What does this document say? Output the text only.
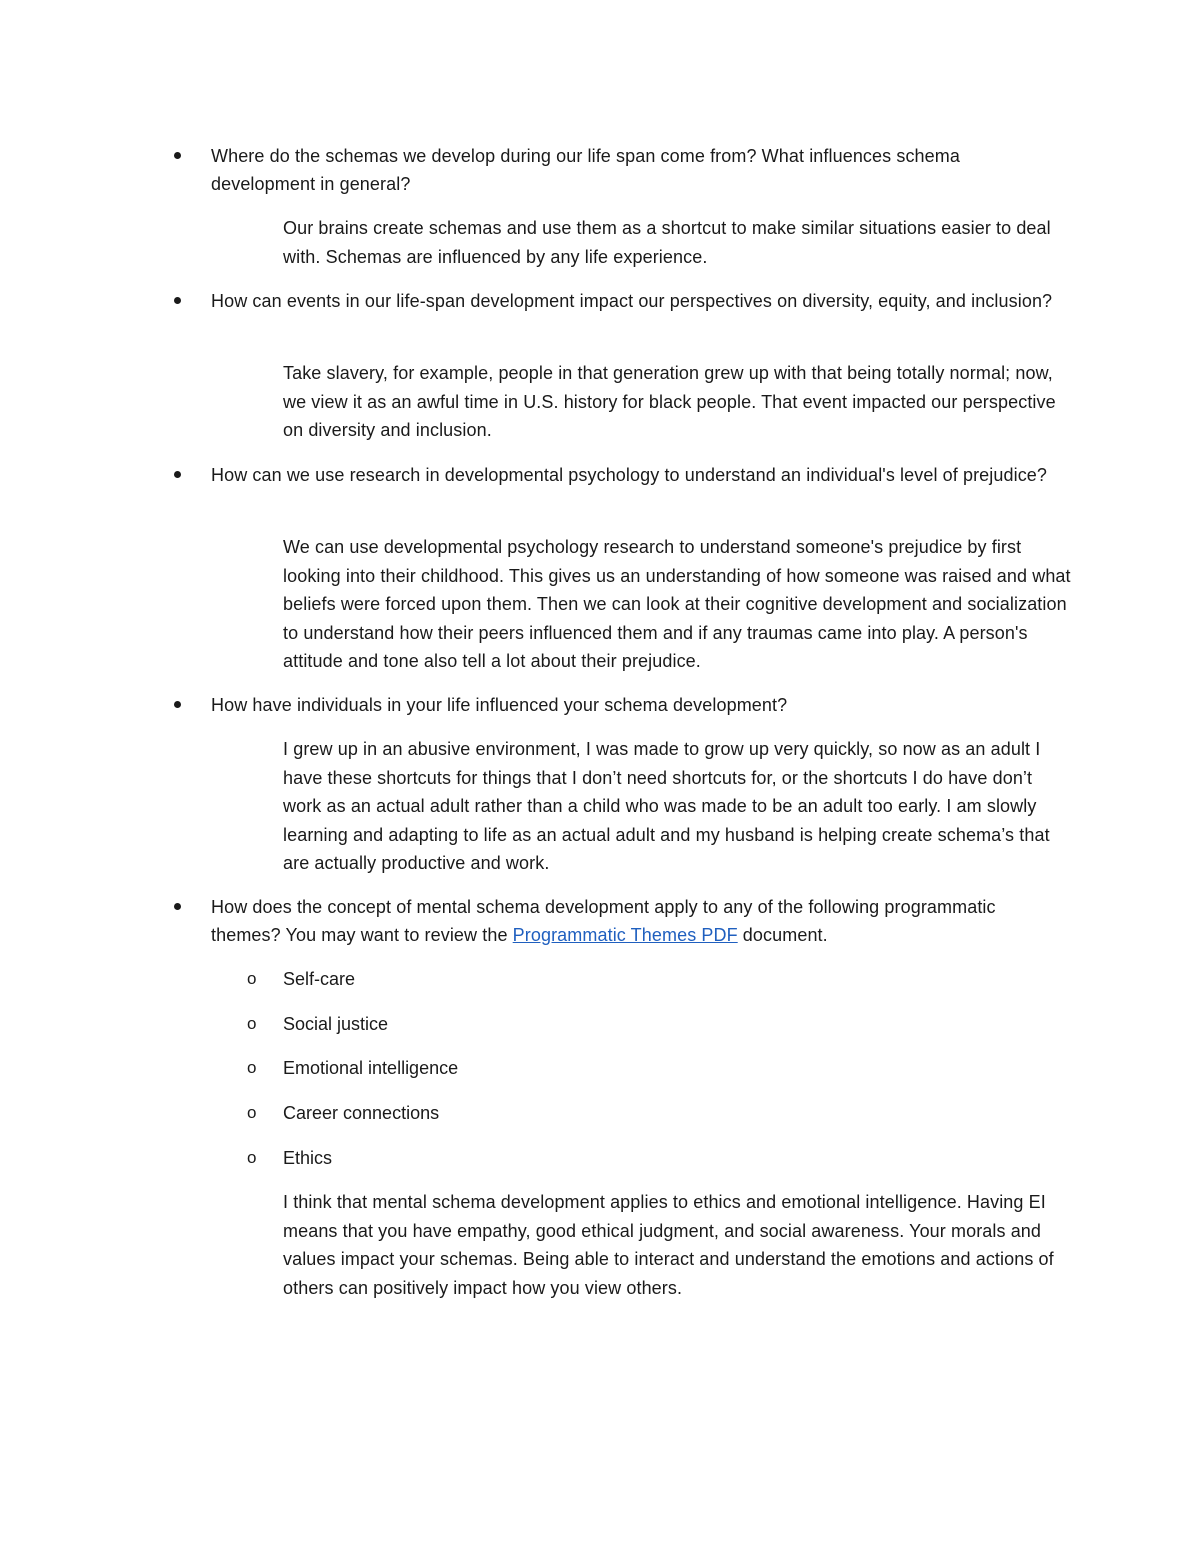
Where do the schemas we develop during our life span come from? What influences schema development in general?
Our brains create schemas and use them as a shortcut to make similar situations easier to deal with. Schemas are influenced by any life experience.
How can events in our life-span development impact our perspectives on diversity, equity, and inclusion?
Take slavery, for example, people in that generation grew up with that being totally normal; now, we view it as an awful time in U.S. history for black people. That event impacted our perspective on diversity and inclusion.
How can we use research in developmental psychology to understand an individual's level of prejudice?
We can use developmental psychology research to understand someone's prejudice by first looking into their childhood. This gives us an understanding of how someone was raised and what beliefs were forced upon them. Then we can look at their cognitive development and socialization to understand how their peers influenced them and if any traumas came into play. A person's attitude and tone also tell a lot about their prejudice.
How have individuals in your life influenced your schema development?
I grew up in an abusive environment, I was made to grow up very quickly, so now as an adult I have these shortcuts for things that I don’t need shortcuts for, or the shortcuts I do have don’t work as an actual adult rather than a child who was made to be an adult too early. I am slowly learning and adapting to life as an actual adult and my husband is helping create schema’s that are actually productive and work.
How does the concept of mental schema development apply to any of the following programmatic themes? You may want to review the Programmatic Themes PDF document.
o Self-care
o Social justice
o Emotional intelligence
o Career connections
o Ethics
I think that mental schema development applies to ethics and emotional intelligence. Having EI means that you have empathy, good ethical judgment, and social awareness. Your morals and values impact your schemas. Being able to interact and understand the emotions and actions of others can positively impact how you view others.
